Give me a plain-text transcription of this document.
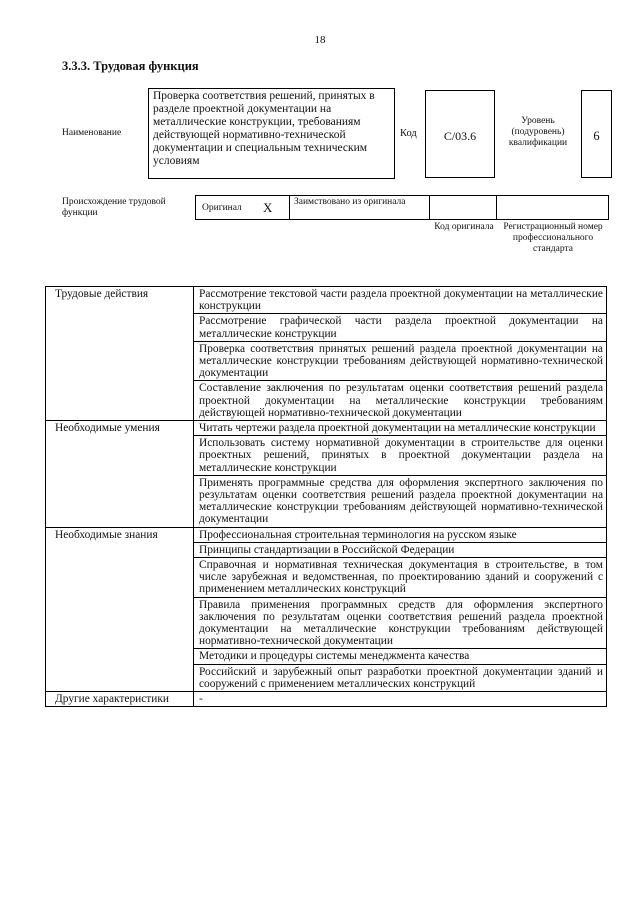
18
3.3.3. Трудовая функция
Наименование
Проверка соответствия решений, принятых в разделе проектной документации на металлические конструкции, требованиям действующей нормативно-технической документации и специальным техническим условиям
Код	C/03.6
Уровень (подуровень) квалификации	6
Происхождение трудовой функции	Оригинал X Заимствовано из оригинала
Код оригинала Регистрационный номер профессионального стандарта
Трудовые действия	Рассмотрение текстовой части раздела проектной документации на металлические конструкции
	Рассмотрение графической части раздела проектной документации на металлические конструкции
	Проверка соответствия принятых решений раздела проектной документации на металлические конструкции требованиям действующей нормативно-технической документации
	Составление заключения по результатам оценки соответствия решений раздела проектной документации на металлические конструкции требованиям действующей нормативно-технической документации
Необходимые умения	Читать чертежи раздела проектной документации на металлические конструкции
	Использовать систему нормативной документации в строительстве для оценки проектных решений, принятых в проектной документации раздела на металлические конструкции
	Применять программные средства для оформления экспертного заключения по результатам оценки соответствия решений раздела проектной документации на металлические конструкции требованиям действующей нормативно-технической документации
Необходимые знания	Профессиональная строительная терминология на русском языке
	Принципы стандартизации в Российской Федерации
	Справочная и нормативная техническая документация в строительстве, в том числе зарубежная и ведомственная, по проектированию зданий и сооружений с применением металлических конструкций
	Правила применения программных средств для оформления экспертного заключения по результатам оценки соответствия решений раздела проектной документации на металлические конструкции требованиям действующей нормативно-технической документации
	Методики и процедуры системы менеджмента качества
	Российский и зарубежный опыт разработки проектной документации зданий и сооружений с применением металлических конструкций
Другие характеристики	-
